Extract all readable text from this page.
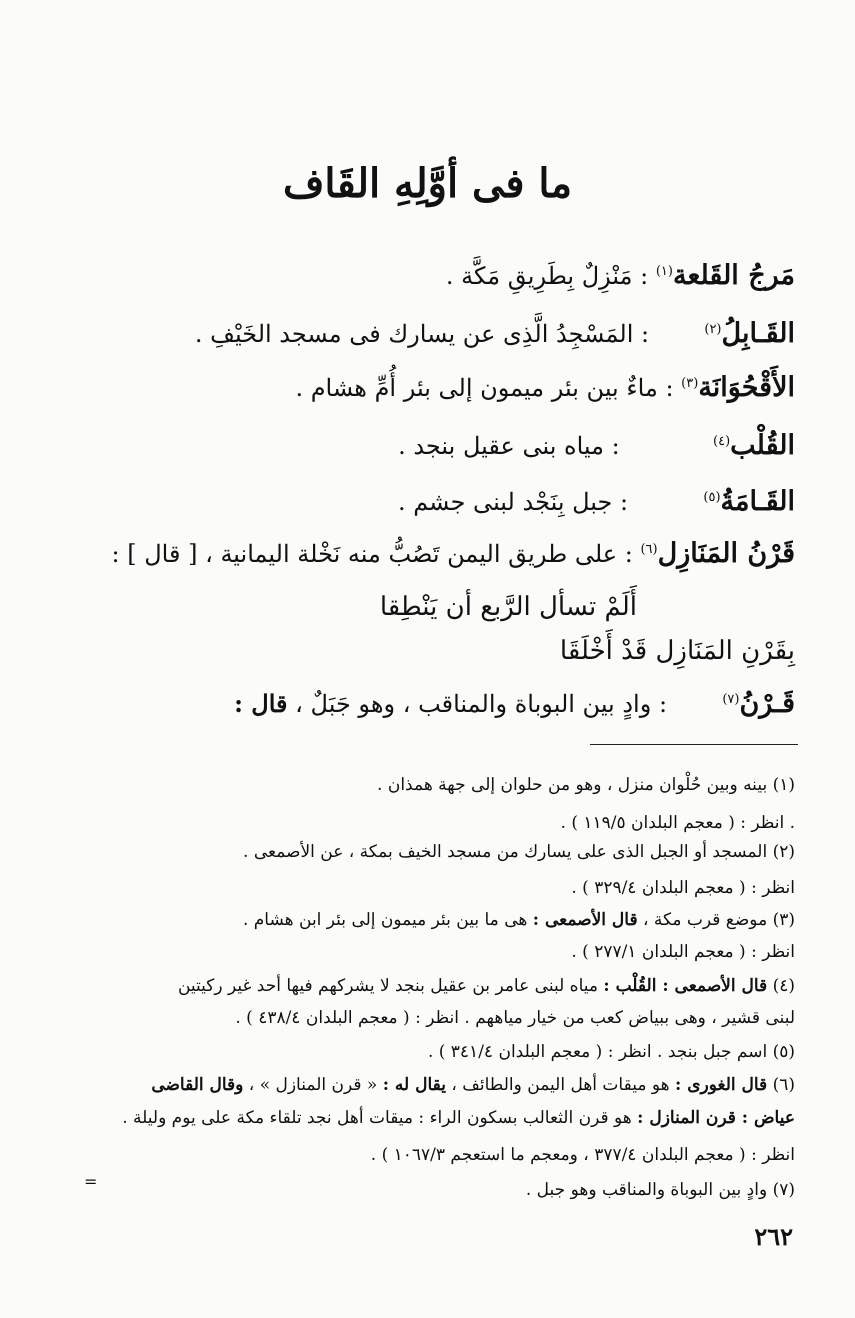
ما فى أوَّلِهِ القَاف
مَرجُ القَلعة$^{(١)}$ : مَنْزِلٌ بِطَرِيقِ مَكَّة .
القَـابِلُ$^{(٢)}$  : المَسْجِدُ الَّذِى عن يسارك فى مسجد الخَيْفِ .
الأَقْحُوَانَة$^{(٣)}$ : ماءٌ بين بئر ميمون إلى بئر أُمِّ هشام .
القُلْب$^{(٤)}$  : مياه بنى عقيل بنجد .
القَـامَةُ$^{(٥)}$  : جبل بِنَجْد لبنى جشم .
قَرْنُ المَنَازِل$^{(٦)}$ : على طريق اليمن تَصُبُّ منه نَخْلة اليمانية ، [ قال ] :
أَلَمْ تسأل الرَّبع أن يَنْطِقا
بِقَرْنِ المَنَازِل قَدْ أَخْلَقَا
قَـرْنُ$^{(٧)}$  : وادٍ بين البوباة والمناقب ، وهو جَبَلٌ ، قال :
(١) بينه وبين حُلْوان منزل ، وهو من حلوان إلى جهة همذان .
. انظر : ( معجم البلدان ١١٩/٥ ) .
(٢) المسجد أو الجبل الذى على يسارك من مسجد الخيف بمكة ، عن الأصمعى .
انظر : ( معجم البلدان ٣٢٩/٤ ) .
(٣) موضع قرب مكة ، قال الأصمعى : هى ما بين بئر ميمون إلى بئر ابن هشام .
انظر : ( معجم البلدان ٢٧٧/١ ) .
(٤) قال الأصمعى : القُلْب : مياه لبنى عامر بن عقيل بنجد لا يشركهم فيها أحد غير ركيتين
لبنى قشير ، وهى ببياض كعب من خيار مياههم . انظر : ( معجم البلدان ٤٣٨/٤ ) .
(٥) اسم جبل بنجد . انظر : ( معجم البلدان ٣٤١/٤ ) .
(٦) قال الغورى : هو ميقات أهل اليمن والطائف ، يقال له : « قرن المنازل » ، وقال القاضى
عياض : قرن المنازل : هو قرن الثعالب بسكون الراء : ميقات أهل نجد تلقاء مكة على يوم وليلة .
انظر : ( معجم البلدان ٣٧٧/٤ ، ومعجم ما استعجم ١٠٦٧/٣ ) .
(٧) وادٍ بين البوباة والمناقب وهو جبل .
=
٢٦٢
